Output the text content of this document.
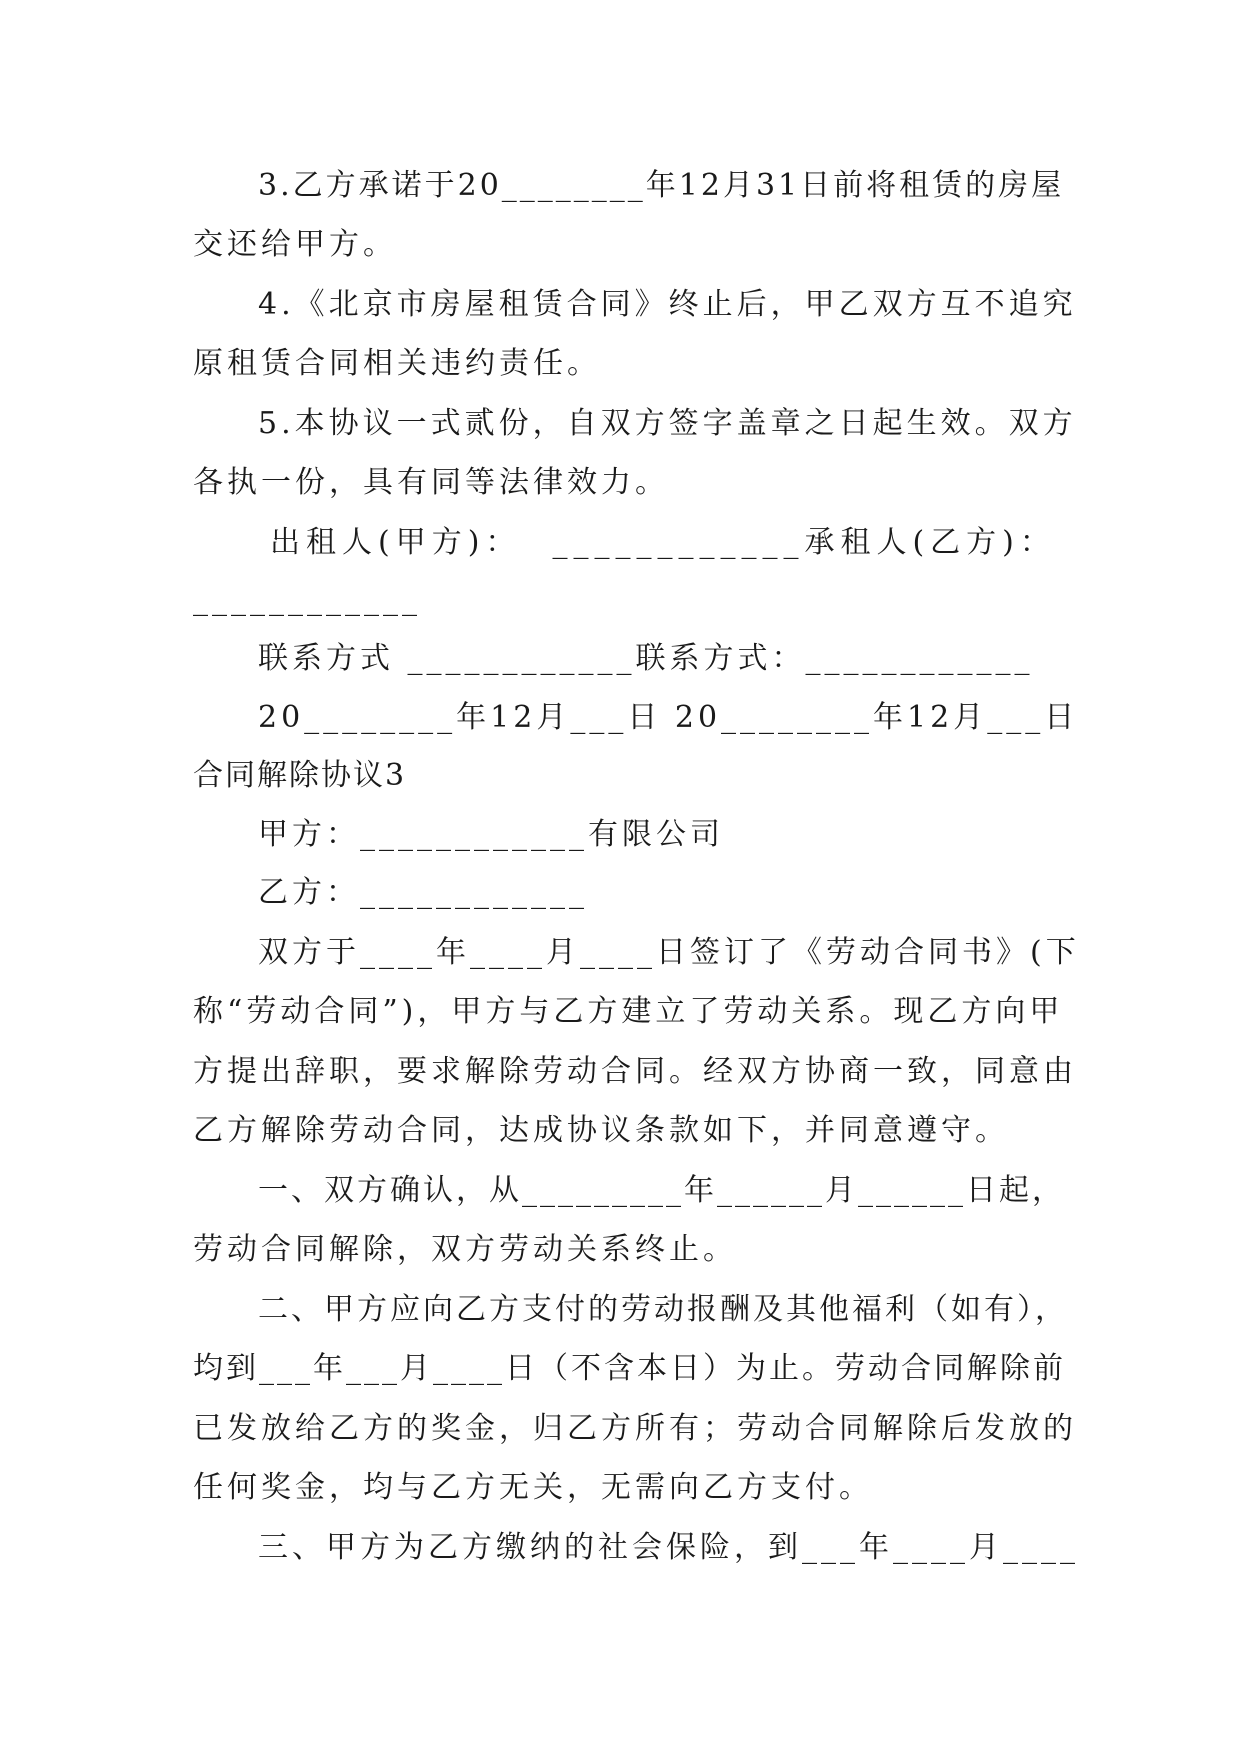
3.乙方承诺于20________年12月31日前将租赁的房屋
交还给甲方。
4.《北京市房屋租赁合同》终止后，甲乙双方互不追究
原租赁合同相关违约责任。
5.本协议一式贰份，自双方签字盖章之日起生效。双方
各执一份，具有同等法律效力。
出租人(甲方)：  ____________承租人(乙方)：
____________
联系方式 ____________联系方式：____________
20________年12月___日 20________年12月___日
合同解除协议3
甲方：____________有限公司
乙方：____________
双方于____年____月____日签订了《劳动合同书》(下
称“劳动合同”)，甲方与乙方建立了劳动关系。现乙方向甲
方提出辞职，要求解除劳动合同。经双方协商一致，同意由
乙方解除劳动合同，达成协议条款如下，并同意遵守。
一、双方确认，从_________年______月______日起，
劳动合同解除，双方劳动关系终止。
二、甲方应向乙方支付的劳动报酬及其他福利（如有），
均到___年___月____日（不含本日）为止。劳动合同解除前
已发放给乙方的奖金，归乙方所有；劳动合同解除后发放的
任何奖金，均与乙方无关，无需向乙方支付。
三、甲方为乙方缴纳的社会保险，到___年____月____
